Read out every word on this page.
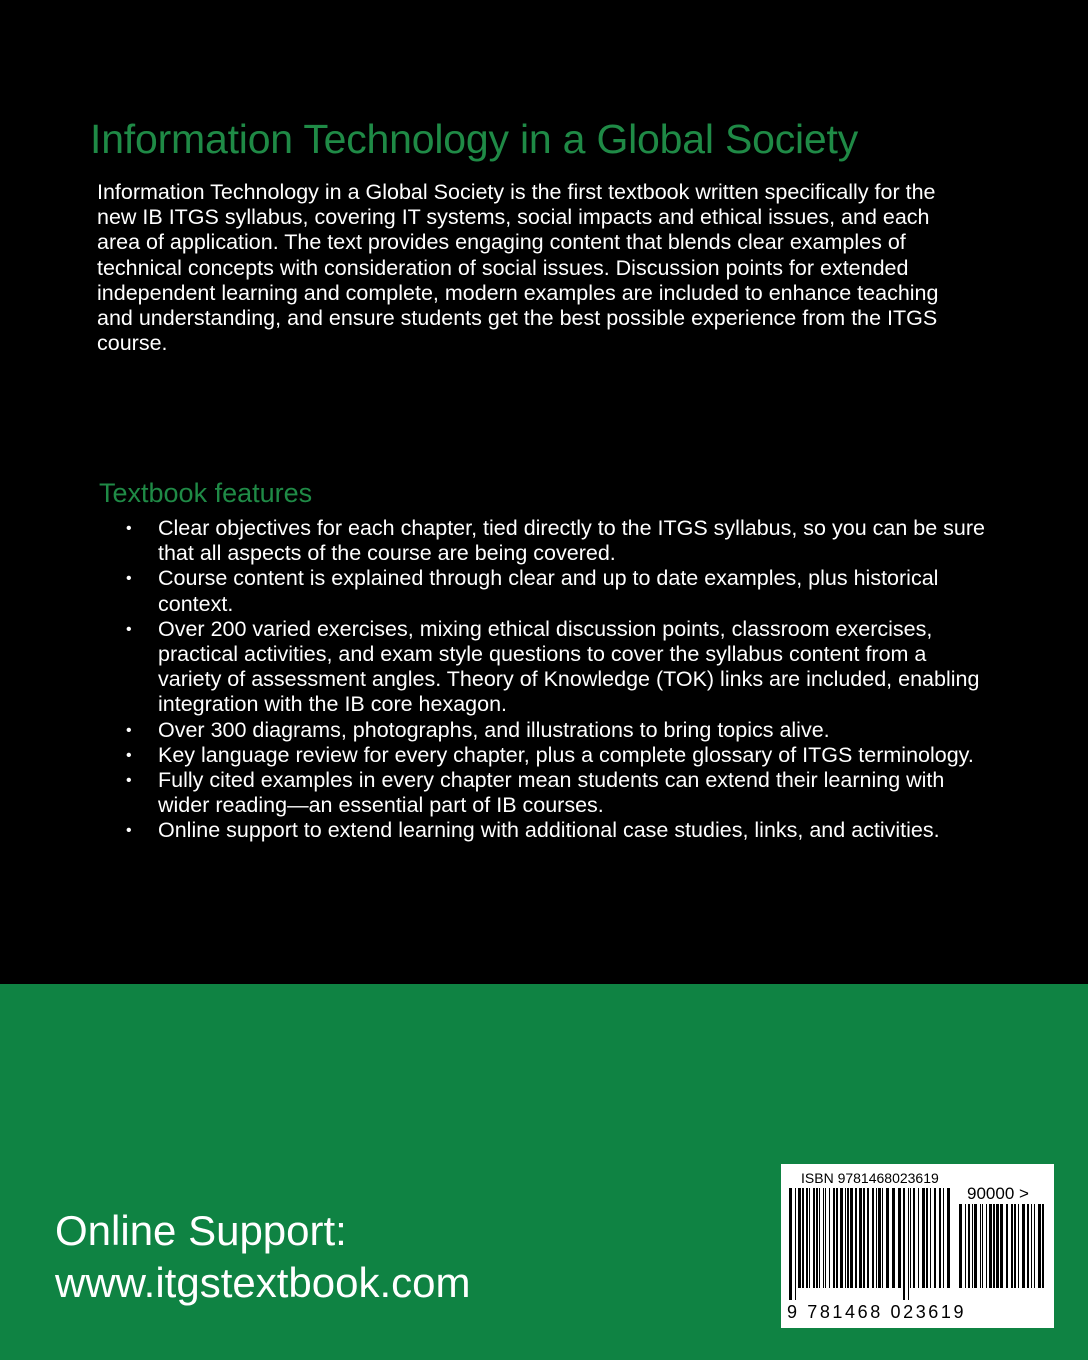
Information Technology in a Global Society

Information Technology in a Global Society is the first textbook written specifically for the new IB ITGS syllabus, covering IT systems, social impacts and ethical issues, and each area of application. The text provides engaging content that blends clear examples of technical concepts with consideration of social issues. Discussion points for extended independent learning and complete, modern examples are included to enhance teaching and understanding, and ensure students get the best possible experience from the ITGS course.

Textbook features
• Clear objectives for each chapter, tied directly to the ITGS syllabus, so you can be sure that all aspects of the course are being covered.
• Course content is explained through clear and up to date examples, plus historical context.
• Over 200 varied exercises, mixing ethical discussion points, classroom exercises, practical activities, and exam style questions to cover the syllabus content from a variety of assessment angles. Theory of Knowledge (TOK) links are included, enabling integration with the IB core hexagon.
• Over 300 diagrams, photographs, and illustrations to bring topics alive.
• Key language review for every chapter, plus a complete glossary of ITGS terminology.
• Fully cited examples in every chapter mean students can extend their learning with wider reading—an essential part of IB courses.
• Online support to extend learning with additional case studies, links, and activities.
Online Support:
www.itgstextbook.com
ISBN 9781468023619
90000 >
9 781468 023619
